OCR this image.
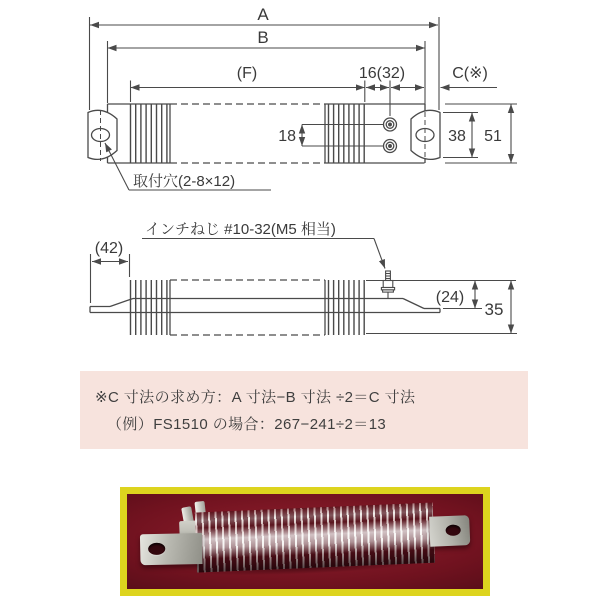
A
B
(F)	16(32)	C(※)
18	38 51
取付穴(2-8×12)
インチねじ #10-32(M5 相当)
(42)
(24)
35
※C 寸法の求め方：A 寸法−B 寸法 ÷2＝C 寸法
（例）FS1510 の場合：267−241÷2＝13
